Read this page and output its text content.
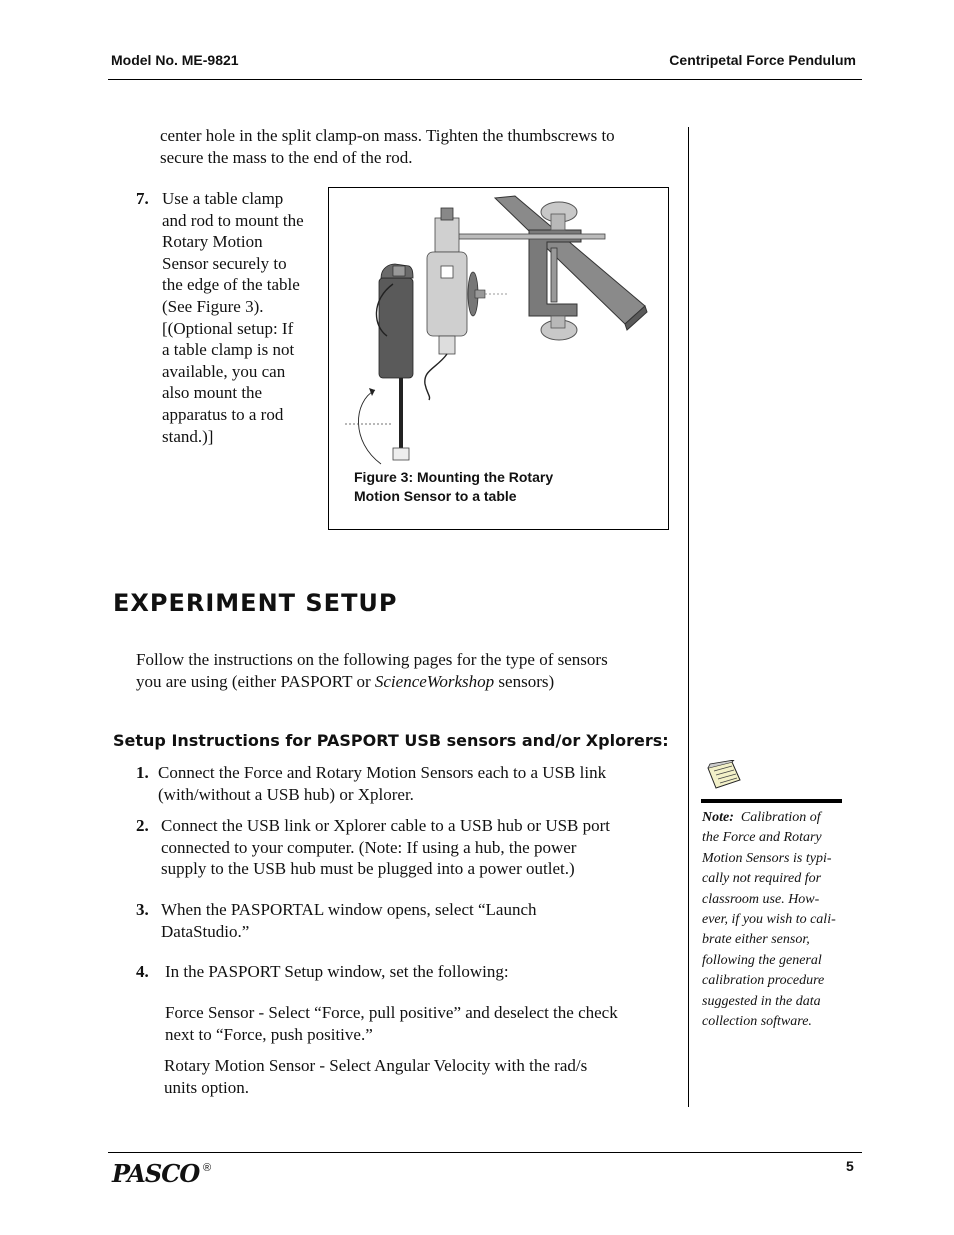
Model No. ME-9821	Centripetal Force Pendulum
center hole in the split clamp-on mass. Tighten the thumbscrews to
secure the mass to the end of the rod.
7. Use a table clamp
and rod to mount the
Rotary Motion
Sensor securely to
the edge of the table
(See Figure 3).
[(Optional setup: If
a table clamp is not
available, you can
also mount the
apparatus to a rod
stand.)]
Figure 3: Mounting the Rotary
Motion Sensor to a table
EXPERIMENT SETUP
Follow the instructions on the following pages for the type of sensors
you are using (either PASPORT or ScienceWorkshop sensors)
Setup Instructions for PASPORT USB sensors and/or Xplorers:
1. Connect the Force and Rotary Motion Sensors each to a USB link
(with/without a USB hub) or Xplorer.
2. Connect the USB link or Xplorer cable to a USB hub or USB port
connected to your computer. (Note: If using a hub, the power
supply to the USB hub must be plugged into a power outlet.)
3. When the PASPORTAL window opens, select “Launch
DataStudio.”
4. In the PASPORT Setup window, set the following:
Force Sensor - Select “Force, pull positive” and deselect the check
next to “Force, push positive.”
Rotary Motion Sensor - Select Angular Velocity with the rad/s
units option.
Note: Calibration of
the Force and Rotary
Motion Sensors is typi-
cally not required for
classroom use. How-
ever, if you wish to cali-
brate either sensor,
following the general
calibration procedure
suggested in the data
collection software.
PASCO ®	5
